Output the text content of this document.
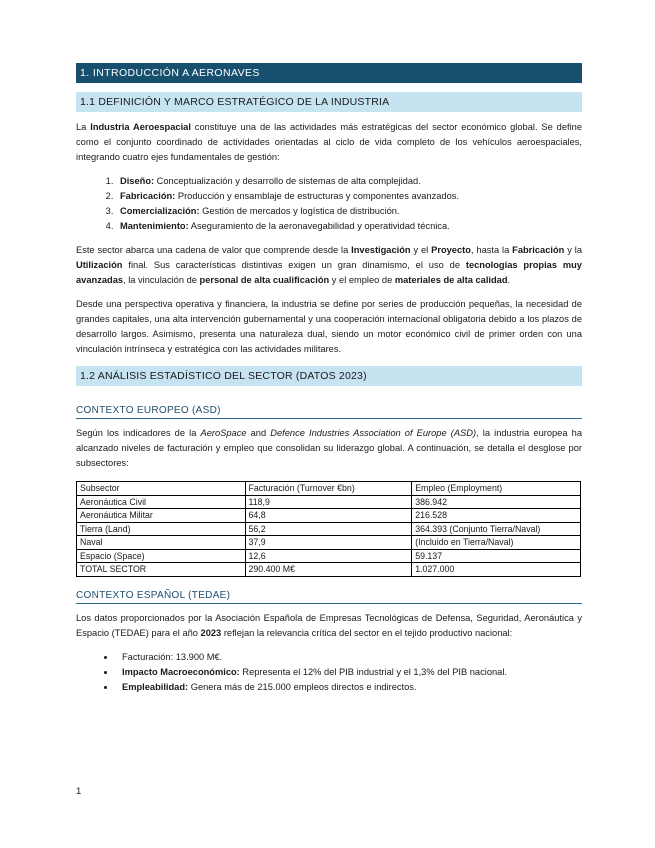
1. INTRODUCCIÓN A AERONAVES
1.1 DEFINICIÓN Y MARCO ESTRATÉGICO DE LA INDUSTRIA

La Industria Aeroespacial constituye una de las actividades más estratégicas del sector económico global. Se define como el conjunto coordinado de actividades orientadas al ciclo de vida completo de los vehículos aeroespaciales, integrando cuatro ejes fundamentales de gestión:

1. Diseño: Conceptualización y desarrollo de sistemas de alta complejidad.
2. Fabricación: Producción y ensamblaje de estructuras y componentes avanzados.
3. Comercialización: Gestión de mercados y logística de distribución.
4. Mantenimiento: Aseguramiento de la aeronavegabilidad y operatividad técnica.

Este sector abarca una cadena de valor que comprende desde la Investigación y el Proyecto, hasta la Fabricación y la Utilización final. Sus características distintivas exigen un gran dinamismo, el uso de tecnologías propias muy avanzadas, la vinculación de personal de alta cualificación y el empleo de materiales de alta calidad.

Desde una perspectiva operativa y financiera, la industria se define por series de producción pequeñas, la necesidad de grandes capitales, una alta intervención gubernamental y una cooperación internacional obligatoria debido a los plazos de desarrollo largos. Asimismo, presenta una naturaleza dual, siendo un motor económico civil de primer orden con una vinculación intrínseca y estratégica con las actividades militares.

1.2 ANÁLISIS ESTADÍSTICO DEL SECTOR (DATOS 2023)
CONTEXTO EUROPEO (ASD)

Según los indicadores de la AeroSpace and Defence Industries Association of Europe (ASD), la industria europea ha alcanzado niveles de facturación y empleo que consolidan su liderazgo global. A continuación, se detalla el desglose por subsectores:

Subsector	Facturación (Turnover €bn)	Empleo (Employment)
Aeronáutica Civil	118,9	386.942
Aeronáutica Militar	64,8	216.528
Tierra (Land)	56,2	364.393 (Conjunto Tierra/Naval)
Naval	37,9	(Incluido en Tierra/Naval)
Espacio (Space)	12,6	59.137
TOTAL SECTOR	290.400 M€	1.027.000
CONTEXTO ESPAÑOL (TEDAE)

Los datos proporcionados por la Asociación Española de Empresas Tecnológicas de Defensa, Seguridad, Aeronáutica y Espacio (TEDAE) para el año 2023 reflejan la relevancia crítica del sector en el tejido productivo nacional:

• Facturación: 13.900 M€.
• Impacto Macroeconómico: Representa el 12% del PIB industrial y el 1,3% del PIB nacional.
• Empleabilidad: Genera más de 215.000 empleos directos e indirectos.
1
